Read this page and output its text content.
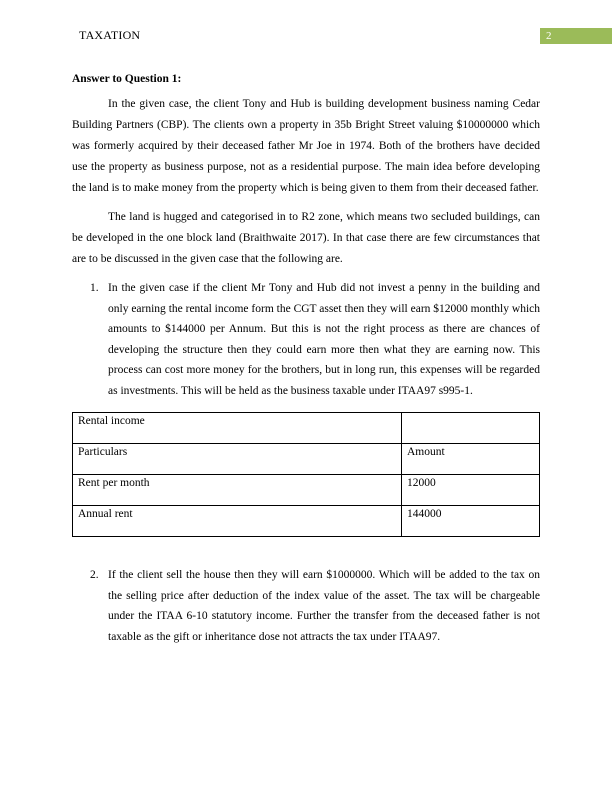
TAXATION	2
Answer to Question 1:

In the given case, the client Tony and Hub is building development business naming Cedar Building Partners (CBP). The clients own a property in 35b Bright Street valuing $10000000 which was formerly acquired by their deceased father Mr Joe in 1974. Both of the brothers have decided use the property as business purpose, not as a residential purpose. The main idea before developing the land is to make money from the property which is being given to them from their deceased father.

The land is hugged and categorised in to R2 zone, which means two secluded buildings, can be developed in the one block land (Braithwaite 2017). In that case there are few circumstances that are to be discussed in the given case that the following are.

1. In the given case if the client Mr Tony and Hub did not invest a penny in the building and only earning the rental income form the CGT asset then they will earn $12000 monthly which amounts to $144000 per Annum. But this is not the right process as there are chances of developing the structure then they could earn more then what they are earning now. This process can cost more money for the brothers, but in long run, this expenses will be regarded as investments. This will be held as the business taxable under ITAA97 s995-1.
Rental income	
Particulars	Amount
Rent per month	12000
Annual rent	144000
2. If the client sell the house then they will earn $1000000. Which will be added to the tax on the selling price after deduction of the index value of the asset. The tax will be chargeable under the ITAA 6-10 statutory income. Further the transfer from the deceased father is not taxable as the gift or inheritance dose not attracts the tax under ITAA97.
